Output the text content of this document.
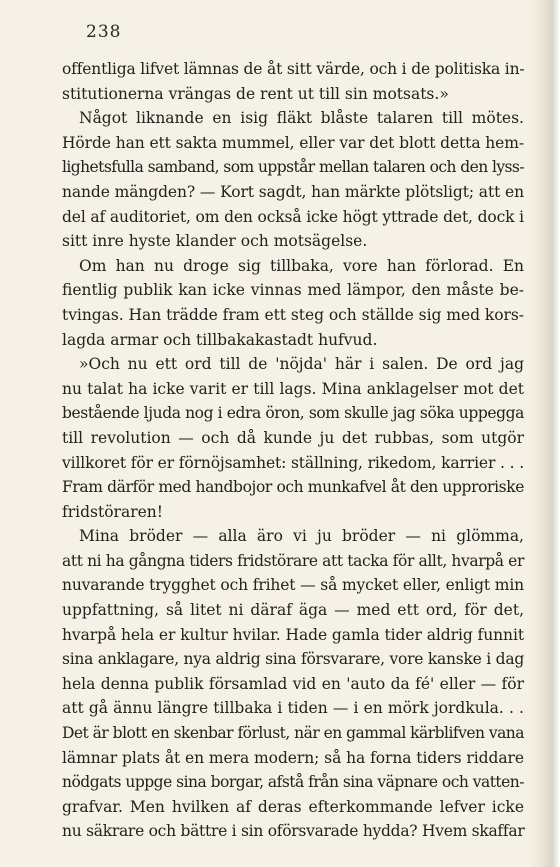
238
offentliga lifvet lämnas de åt sitt värde, och i de politiska in-
stitutionerna vrängas de rent ut till sin motsats.»
Något liknande en isig fläkt blåste talaren till mötes.
Hörde han ett sakta mummel, eller var det blott detta hem-
lighetsfulla samband, som uppstår mellan talaren och den lyss-
nande mängden? — Kort sagdt, han märkte plötsligt; att en
del af auditoriet, om den också icke högt yttrade det, dock i
sitt inre hyste klander och motsägelse.
Om han nu droge sig tillbaka, vore han förlorad. En
fientlig publik kan icke vinnas med lämpor, den måste be-
tvingas. Han trädde fram ett steg och ställde sig med kors-
lagda armar och tillbakakastadt hufvud.
»Och nu ett ord till de 'nöjda' här i salen. De ord jag
nu talat ha icke varit er till lags. Mina anklagelser mot det
bestående ljuda nog i edra öron, som skulle jag söka uppegga
till revolution — och då kunde ju det rubbas, som utgör
villkoret för er förnöjsamhet: ställning, rikedom, karrier . . .
Fram därför med handbojor och munkafvel åt den upproriske
fridstöraren!
Mina bröder — alla äro vi ju bröder — ni glömma,
att ni ha gångna tiders fridstörare att tacka för allt, hvarpå er
nuvarande trygghet och frihet — så mycket eller, enligt min
uppfattning, så litet ni däraf äga — med ett ord, för det,
hvarpå hela er kultur hvilar. Hade gamla tider aldrig funnit
sina anklagare, nya aldrig sina försvarare, vore kanske i dag
hela denna publik församlad vid en 'auto da fé' eller — för
att gå ännu längre tillbaka i tiden — i en mörk jordkula. . .
Det är blott en skenbar förlust, när en gammal kärblifven vana
lämnar plats åt en mera modern; så ha forna tiders riddare
nödgats uppge sina borgar, afstå från sina väpnare och vatten-
grafvar. Men hvilken af deras efterkommande lefver icke
nu säkrare och bättre i sin oförsvarade hydda? Hvem skaffar
